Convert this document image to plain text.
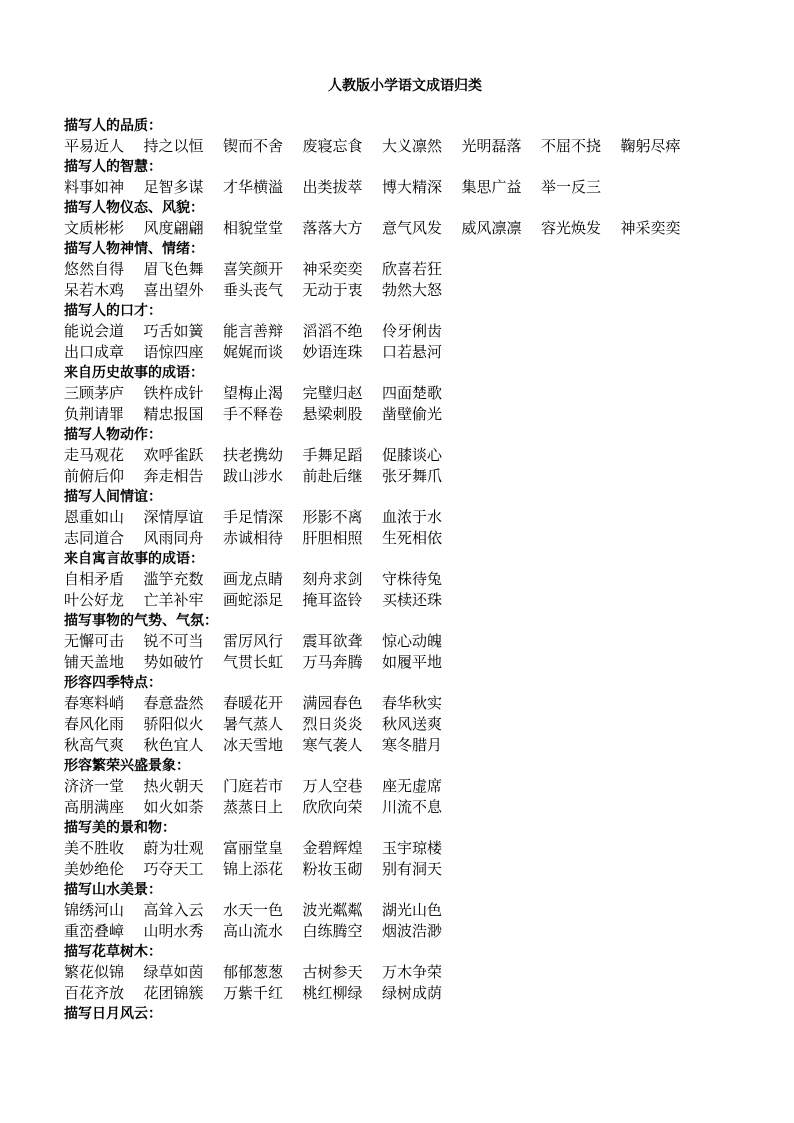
人教版小学语文成语归类
描写人的品质：
平易近人 持之以恒 锲而不舍 废寝忘食 大义凛然 光明磊落 不屈不挠 鞠躬尽瘁
描写人的智慧：
料事如神 足智多谋 才华横溢 出类拔萃 博大精深 集思广益 举一反三
描写人物仪态、风貌：
文质彬彬 风度翩翩 相貌堂堂 落落大方 意气风发 威风凛凛 容光焕发 神采奕奕
描写人物神情、情绪：
悠然自得 眉飞色舞 喜笑颜开 神采奕奕 欣喜若狂
呆若木鸡 喜出望外 垂头丧气 无动于衷 勃然大怒
描写人的口才：
能说会道 巧舌如簧 能言善辩 滔滔不绝 伶牙俐齿
出口成章 语惊四座 娓娓而谈 妙语连珠 口若悬河
来自历史故事的成语：
三顾茅庐 铁杵成针 望梅止渴 完璧归赵 四面楚歌
负荆请罪 精忠报国 手不释卷 悬梁刺股 凿壁偷光
描写人物动作：
走马观花 欢呼雀跃 扶老携幼 手舞足蹈 促膝谈心
前俯后仰 奔走相告 跋山涉水 前赴后继 张牙舞爪
描写人间情谊：
恩重如山 深情厚谊 手足情深 形影不离 血浓于水
志同道合 风雨同舟 赤诚相待 肝胆相照 生死相依
来自寓言故事的成语：
自相矛盾 滥竽充数 画龙点睛 刻舟求剑 守株待兔
叶公好龙 亡羊补牢 画蛇添足 掩耳盗铃 买椟还珠
描写事物的气势、气氛：
无懈可击 锐不可当 雷厉风行 震耳欲聋 惊心动魄
铺天盖地 势如破竹 气贯长虹 万马奔腾 如履平地
形容四季特点：
春寒料峭 春意盎然 春暖花开 满园春色 春华秋实
春风化雨 骄阳似火 暑气蒸人 烈日炎炎 秋风送爽
秋高气爽 秋色宜人 冰天雪地 寒气袭人 寒冬腊月
形容繁荣兴盛景象：
济济一堂 热火朝天 门庭若市 万人空巷 座无虚席
高朋满座 如火如荼 蒸蒸日上 欣欣向荣 川流不息
描写美的景和物：
美不胜收 蔚为壮观 富丽堂皇 金碧辉煌 玉宇琼楼
美妙绝伦 巧夺天工 锦上添花 粉妆玉砌 别有洞天
描写山水美景：
锦绣河山 高耸入云 水天一色 波光粼粼 湖光山色
重峦叠嶂 山明水秀 高山流水 白练腾空 烟波浩渺
描写花草树木：
繁花似锦 绿草如茵 郁郁葱葱 古树参天 万木争荣
百花齐放 花团锦簇 万紫千红 桃红柳绿 绿树成荫
描写日月风云：
